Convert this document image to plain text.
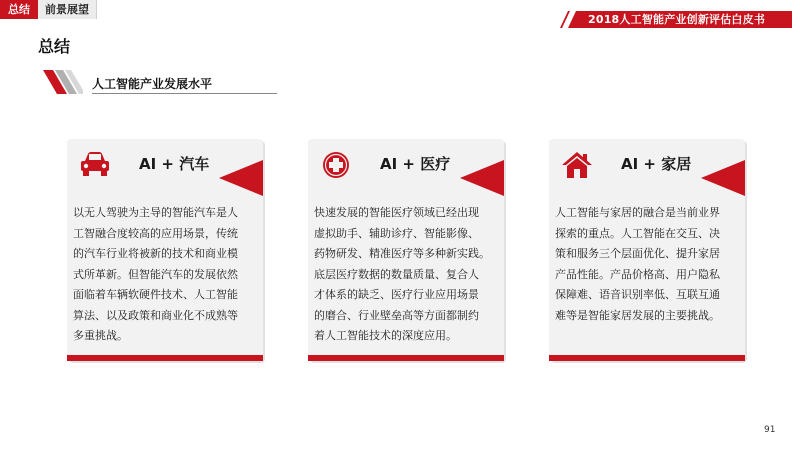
总结	前景展望
2018人工智能产业创新评估白皮书
总结
人工智能产业发展水平
AI + 汽车
以无人驾驶为主导的智能汽车是人
工智融合度较高的应用场景，传统
的汽车行业将被新的技术和商业模
式所革新。但智能汽车的发展依然
面临着车辆软硬件技术、人工智能
算法、以及政策和商业化不成熟等
多重挑战。
AI + 医疗
快速发展的智能医疗领域已经出现
虚拟助手、辅助诊疗、智能影像、
药物研发、精准医疗等多种新实践。
底层医疗数据的数量质量、复合人
才体系的缺乏、医疗行业应用场景
的磨合、行业壁垒高等方面都制约
着人工智能技术的深度应用。
AI + 家居
人工智能与家居的融合是当前业界
探索的重点。人工智能在交互、决
策和服务三个层面优化、提升家居
产品性能。产品价格高、用户隐私
保障难、语音识别率低、互联互通
难等是智能家居发展的主要挑战。
91
